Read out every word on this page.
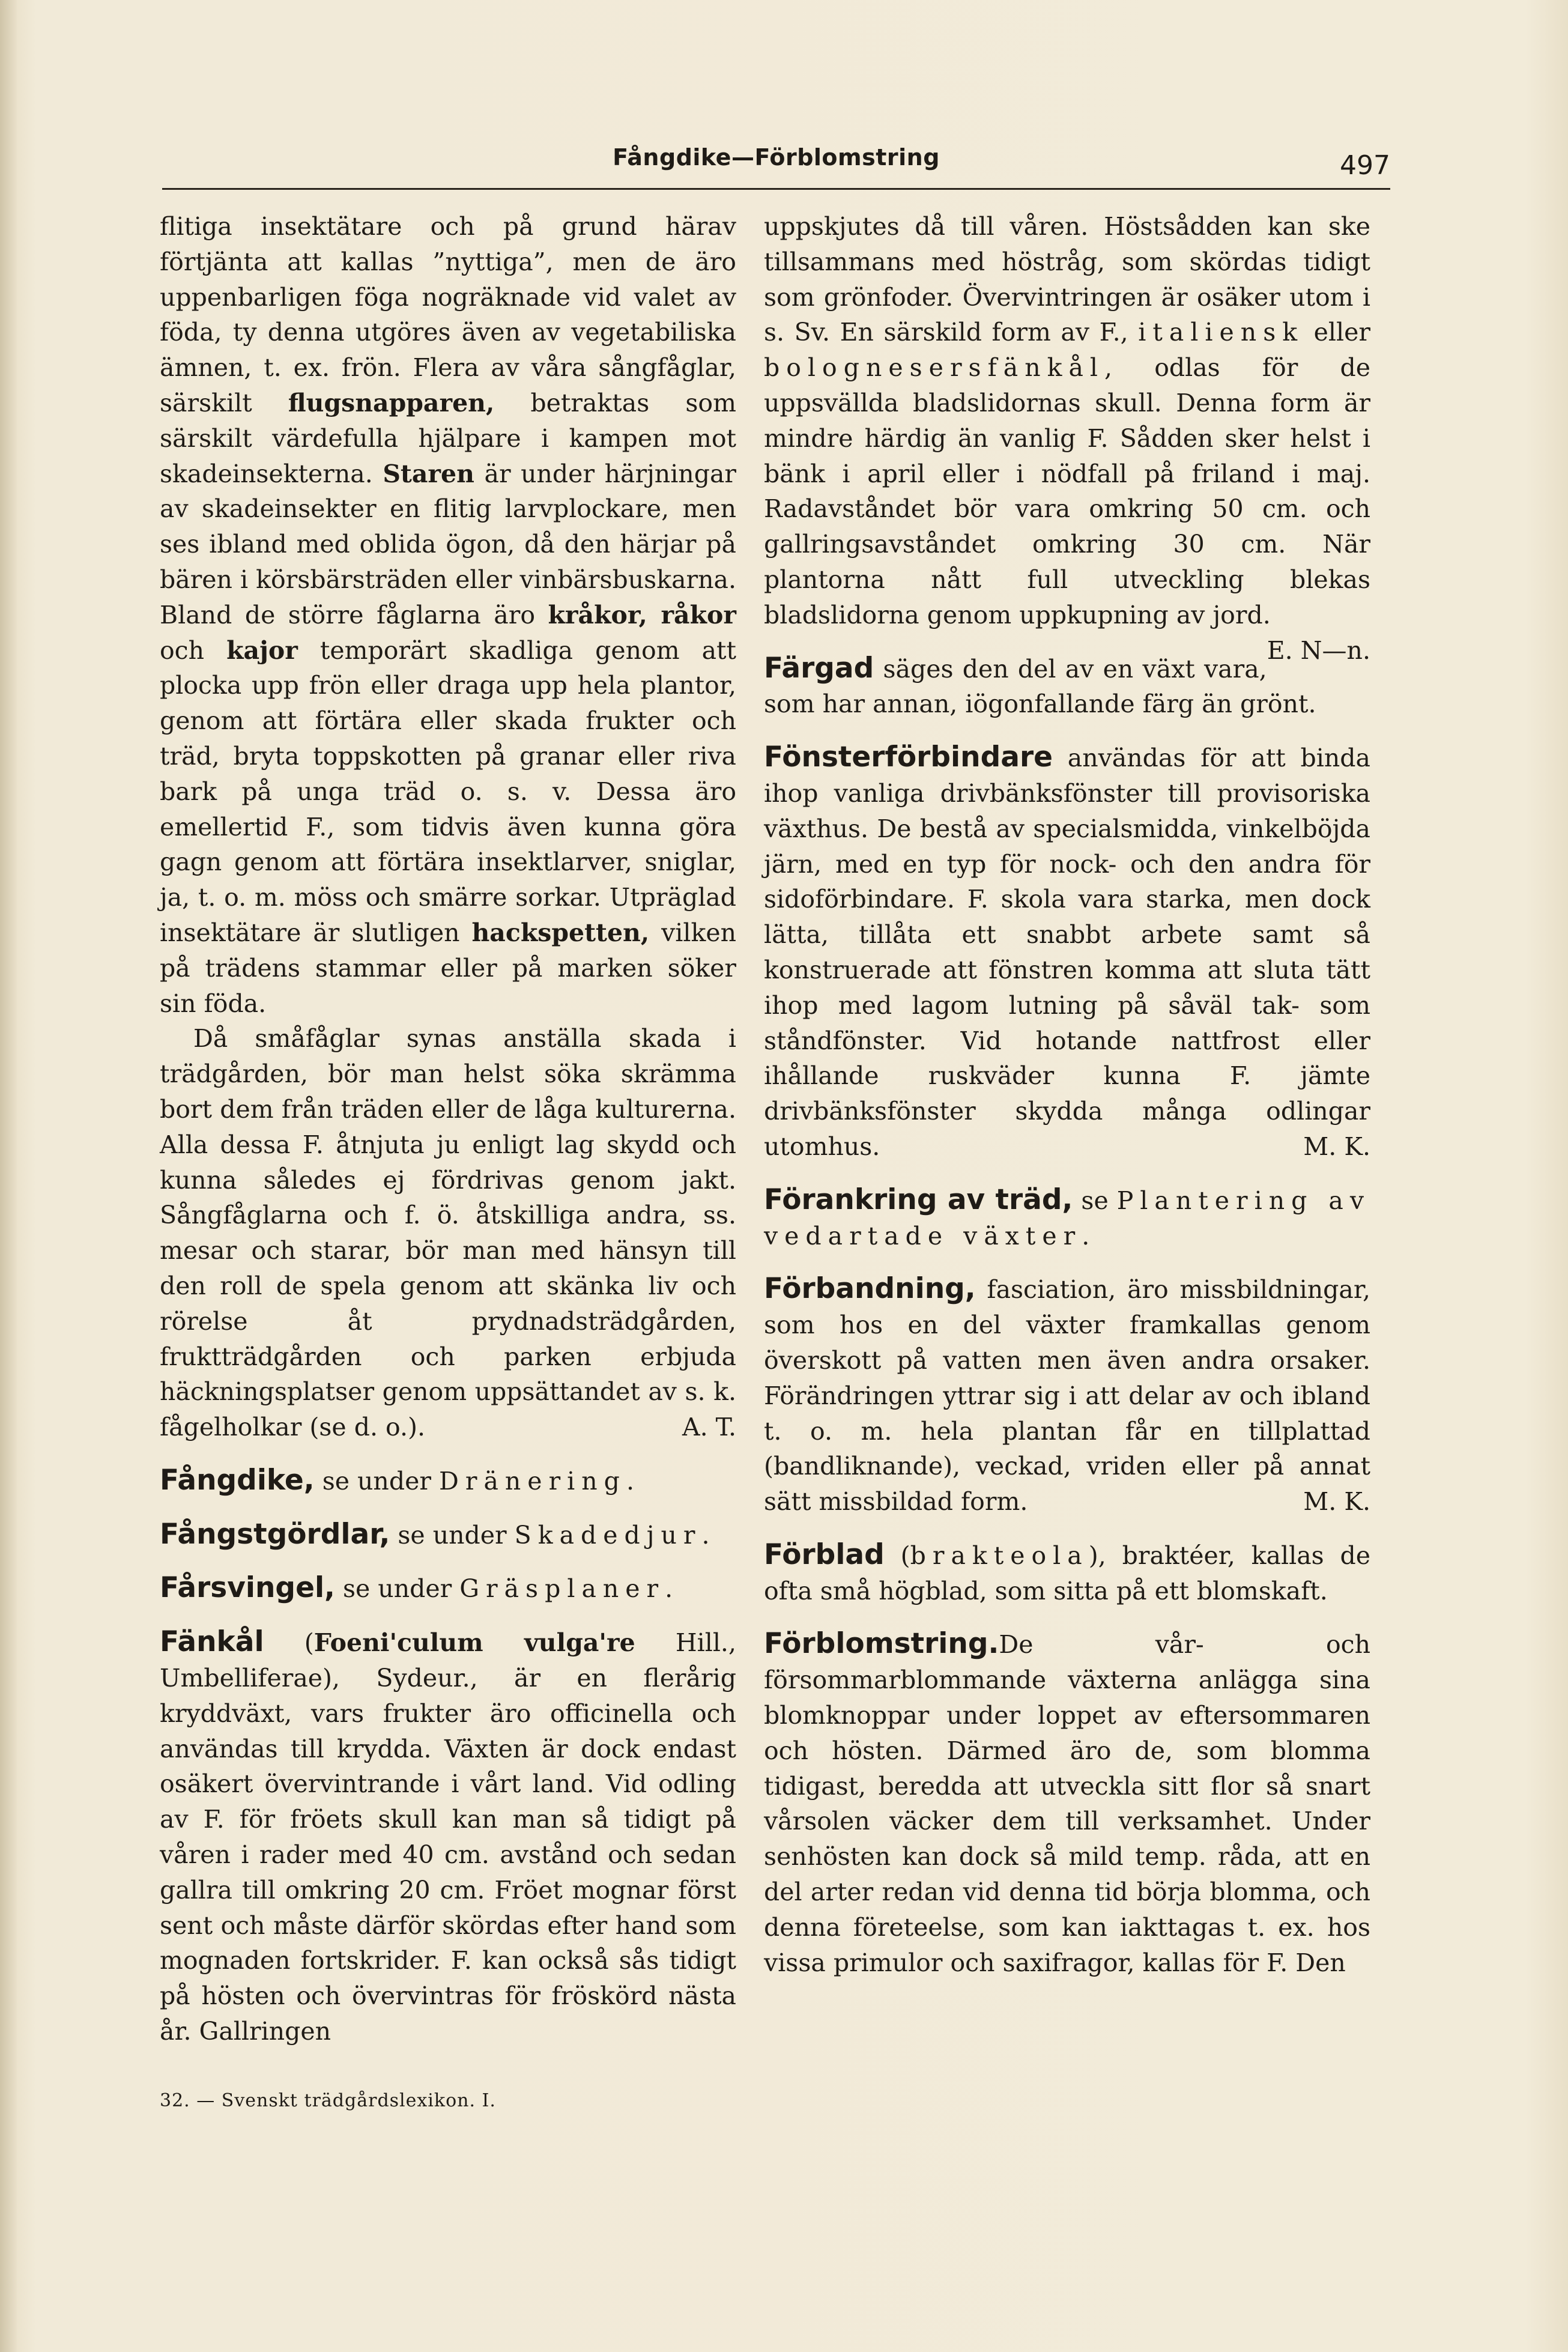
Fångdike—Förblomstring	497

flitiga insektätare och på grund härav förtjänta att kallas ”nyttiga”, men de äro uppenbarligen föga nogräknade vid valet av föda, ty denna utgöres även av vegetabiliska ämnen, t. ex. frön. Flera av våra sångfåglar, särskilt flugsnapparen, betraktas som särskilt värdefulla hjälpare i kampen mot skadeinsekterna. Staren är under härjningar av skadeinsekter en flitig larvplockare, men ses ibland med oblida ögon, då den härjar på bären i körsbärsträden eller vinbärsbuskarna. Bland de större fåglarna äro kråkor, råkor och kajor temporärt skadliga genom att plocka upp frön eller draga upp hela plantor, genom att förtära eller skada frukter och träd, bryta toppskotten på granar eller riva bark på unga träd o. s. v. Dessa äro emellertid F., som tidvis även kunna göra gagn genom att förtära insektlarver, sniglar, ja, t. o. m. möss och smärre sorkar. Utpräglad insektätare är slutligen hackspetten, vilken på trädens stammar eller på marken söker sin föda.

Då småfåglar synas anställa skada i trädgården, bör man helst söka skrämma bort dem från träden eller de låga kulturerna. Alla dessa F. åtnjuta ju enligt lag skydd och kunna således ej fördrivas genom jakt. Sångfåglarna och f. ö. åtskilliga andra, ss. mesar och starar, bör man med hänsyn till den roll de spela genom att skänka liv och rörelse åt prydnadsträdgården, fruktträdgården och parken erbjuda häckningsplatser genom uppsättandet av s. k. fågelholkar (se d. o.).	A. T.

Fångdike, se under Dränering.

Fångstgördlar, se under Skadedjur.

Fårsvingel, se under Gräsplaner.

Fänkål (Foeni'culum vulga're Hill., Umbelliferae), Sydeur., är en flerårig kryddväxt, vars frukter äro officinella och användas till krydda. Växten är dock endast osäkert övervintrande i vårt land. Vid odling av F. för fröets skull kan man så tidigt på våren i rader med 40 cm. avstånd och sedan gallra till omkring 20 cm. Fröet mognar först sent och måste därför skördas efter hand som mognaden fortskrider. F. kan också sås tidigt på hösten och övervintras för fröskörd nästa år. Gallringen

32. — Svenskt trädgårdslexikon. I.

uppskjutes då till våren. Höstsådden kan ske tillsammans med höstråg, som skördas tidigt som grönfoder. Övervintringen är osäker utom i s. Sv. En särskild form av F., italiensk eller bolognesersfänkål, odlas för de uppsvällda bladslidornas skull. Denna form är mindre härdig än vanlig F. Sådden sker helst i bänk i april eller i nödfall på friland i maj. Radavståndet bör vara omkring 50 cm. och gallringsavståndet omkring 30 cm. När plantorna nått full utveckling blekas bladslidorna genom uppkupning av jord.
E. N—n.

Färgad säges den del av en växt vara, som har annan, iögonfallande färg än grönt.

Fönsterförbindare användas för att binda ihop vanliga drivbänksfönster till provisoriska växthus. De bestå av specialsmidda, vinkelböjda järn, med en typ för nock- och den andra för sidoförbindare. F. skola vara starka, men dock lätta, tillåta ett snabbt arbete samt så konstruerade att fönstren komma att sluta tätt ihop med lagom lutning på såväl tak- som ståndfönster. Vid hotande nattfrost eller ihållande ruskväder kunna F. jämte drivbänksfönster skydda många odlingar utomhus.	M. K.

Förankring av träd, se Plantering av vedartade växter.

Förbandning, fasciation, äro missbildningar, som hos en del växter framkallas genom överskott på vatten men även andra orsaker. Förändringen yttrar sig i att delar av och ibland t. o. m. hela plantan får en tillplattad (bandliknande), veckad, vriden eller på annat sätt missbildad form.	M. K.

Förblad (brakteola), braktéer, kallas de ofta små högblad, som sitta på ett blomskaft.

Förblomstring.De vår- och försommarblommande växterna anlägga sina blomknoppar under loppet av eftersommaren och hösten. Därmed äro de, som blomma tidigast, beredda att utveckla sitt flor så snart vårsolen väcker dem till verksamhet. Under senhösten kan dock så mild temp. råda, att en del arter redan vid denna tid börja blomma, och denna företeelse, som kan iakttagas t. ex. hos vissa primulor och saxifragor, kallas för F. Den
